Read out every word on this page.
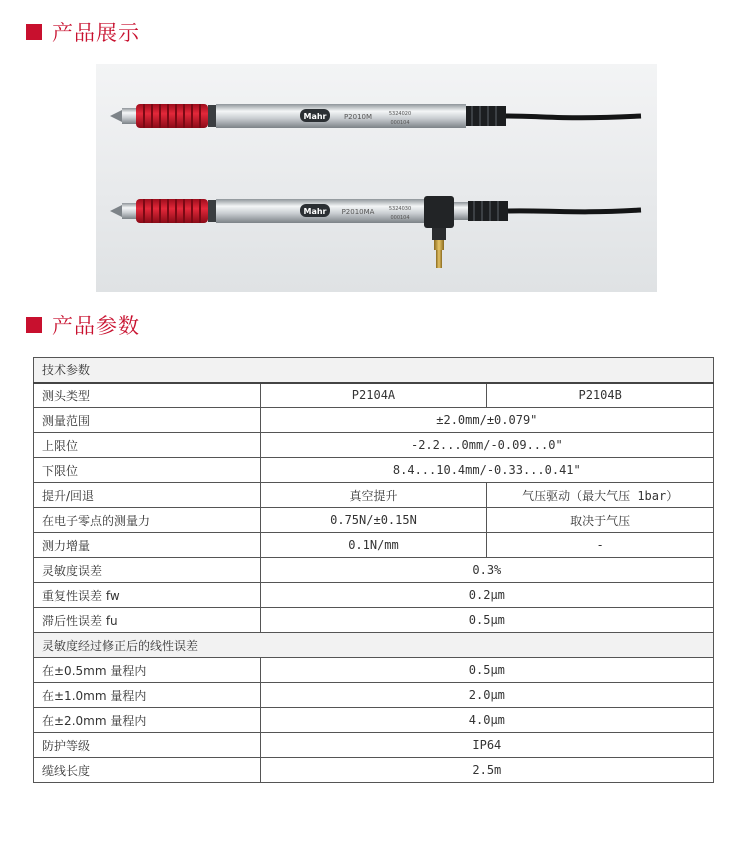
产品展示
Mahr P2010M	5324020
000104
Mahr P2010MA	5324030
000104
产品参数
技术参数		
测头类型	P2104A	P2104B
测量范围	±2.0mm/±0.079"	
上限位	-2.2...0mm/-0.09...0"	
下限位	8.4...10.4mm/-0.33...0.41"	
提升/回退	真空提升	气压驱动（最大气压 1bar）
在电子零点的测量力	0.75N/±0.15N	取决于气压
测力增量	0.1N/mm	-
灵敏度误差	0.3%	
重复性误差 fw	0.2μm	
滞后性误差 fu	0.5μm	
灵敏度经过修正后的线性误差		
在±0.5mm 量程内	0.5μm	
在±1.0mm 量程内	2.0μm	
在±2.0mm 量程内	4.0μm	
防护等级	IP64	
缆线长度	2.5m	
